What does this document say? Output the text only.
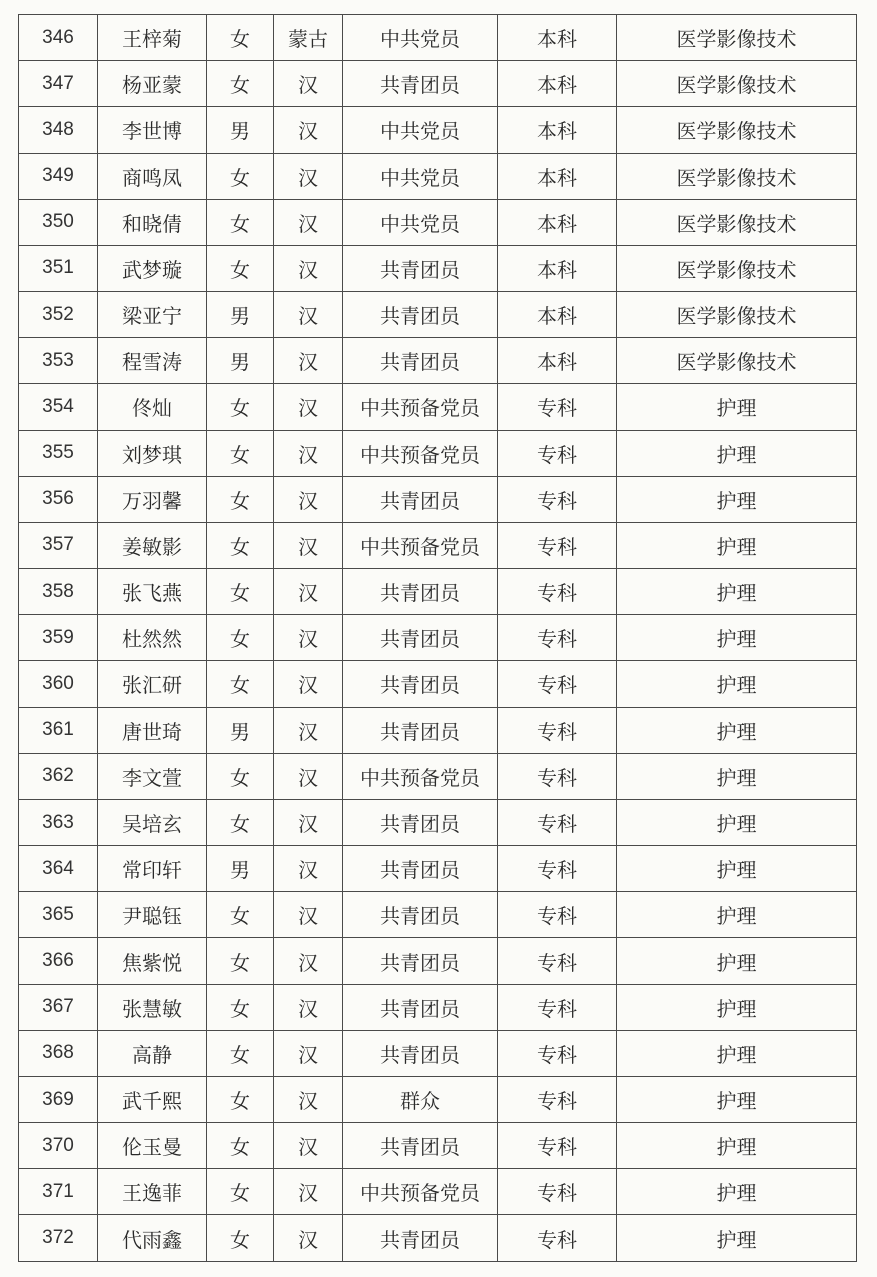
346	王梓菊	女	蒙古	中共党员	本科	医学影像技术
347	杨亚蒙	女	汉	共青团员	本科	医学影像技术
348	李世博	男	汉	中共党员	本科	医学影像技术
349	商鸣凤	女	汉	中共党员	本科	医学影像技术
350	和晓倩	女	汉	中共党员	本科	医学影像技术
351	武梦璇	女	汉	共青团员	本科	医学影像技术
352	梁亚宁	男	汉	共青团员	本科	医学影像技术
353	程雪涛	男	汉	共青团员	本科	医学影像技术
354	佟灿	女	汉	中共预备党员	专科	护理
355	刘梦琪	女	汉	中共预备党员	专科	护理
356	万羽馨	女	汉	共青团员	专科	护理
357	姜敏影	女	汉	中共预备党员	专科	护理
358	张飞燕	女	汉	共青团员	专科	护理
359	杜然然	女	汉	共青团员	专科	护理
360	张汇研	女	汉	共青团员	专科	护理
361	唐世琦	男	汉	共青团员	专科	护理
362	李文萱	女	汉	中共预备党员	专科	护理
363	吴培玄	女	汉	共青团员	专科	护理
364	常印轩	男	汉	共青团员	专科	护理
365	尹聪钰	女	汉	共青团员	专科	护理
366	焦紫悦	女	汉	共青团员	专科	护理
367	张慧敏	女	汉	共青团员	专科	护理
368	高静	女	汉	共青团员	专科	护理
369	武千熙	女	汉	群众	专科	护理
370	伦玉曼	女	汉	共青团员	专科	护理
371	王逸菲	女	汉	中共预备党员	专科	护理
372	代雨鑫	女	汉	共青团员	专科	护理
